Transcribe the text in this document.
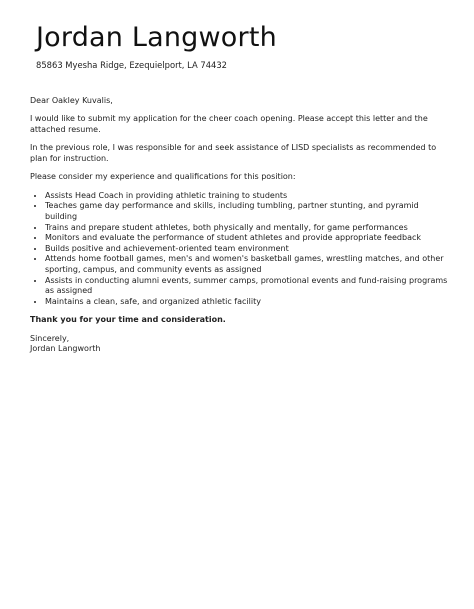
Jordan Langworth
85863 Myesha Ridge, Ezequielport, LA 74432

Dear Oakley Kuvalis,

I would like to submit my application for the cheer coach opening. Please accept this letter and the attached resume.

In the previous role, I was responsible for and seek assistance of LISD specialists as recommended to plan for instruction.

Please consider my experience and qualifications for this position:

• Assists Head Coach in providing athletic training to students
• Teaches game day performance and skills, including tumbling, partner stunting, and pyramid building
• Trains and prepare student athletes, both physically and mentally, for game performances
• Monitors and evaluate the performance of student athletes and provide appropriate feedback
• Builds positive and achievement-oriented team environment
• Attends home football games, men's and women's basketball games, wrestling matches, and other sporting, campus, and community events as assigned
• Assists in conducting alumni events, summer camps, promotional events and fund-raising programs as assigned
• Maintains a clean, safe, and organized athletic facility

Thank you for your time and consideration.

Sincerely,
Jordan Langworth
